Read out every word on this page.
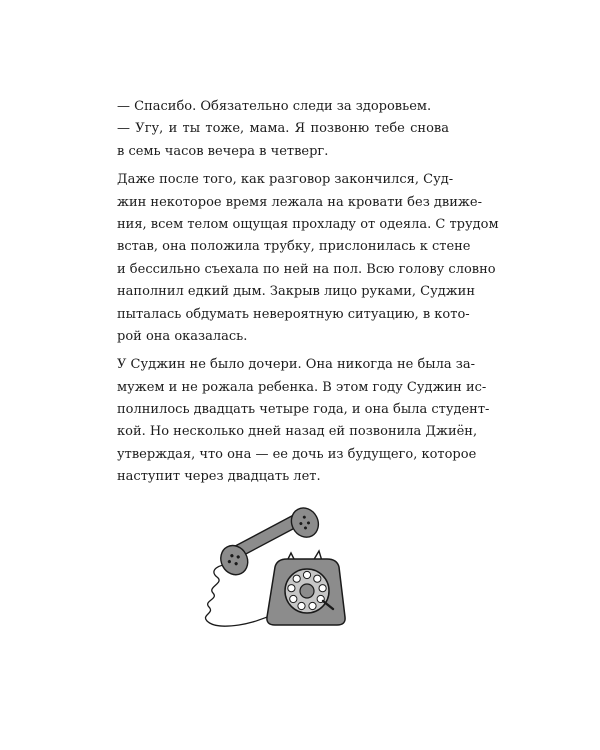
— Спасибо. Обязательно следи за здоровьем.
— Угу, и ты тоже, мама. Я позвоню тебе снова
в семь часов вечера в четверг.
Даже после того, как разговор закончился, Суд-
жин некоторое время лежала на кровати без движе-
ния, всем телом ощущая прохладу от одеяла. С трудом
встав, она положила трубку, прислонилась к стене
и бессильно съехала по ней на пол. Всю голову словно
наполнил едкий дым. Закрыв лицо руками, Суджин
пыталась обдумать невероятную ситуацию, в кото-
рой она оказалась.
У Суджин не было дочери. Она никогда не была за-
мужем и не рожала ребенка. В этом году Суджин ис-
полнилось двадцать четыре года, и она была студент-
кой. Но несколько дней назад ей позвонила Джиён,
утверждая, что она — ее дочь из будущего, которое
наступит через двадцать лет.
